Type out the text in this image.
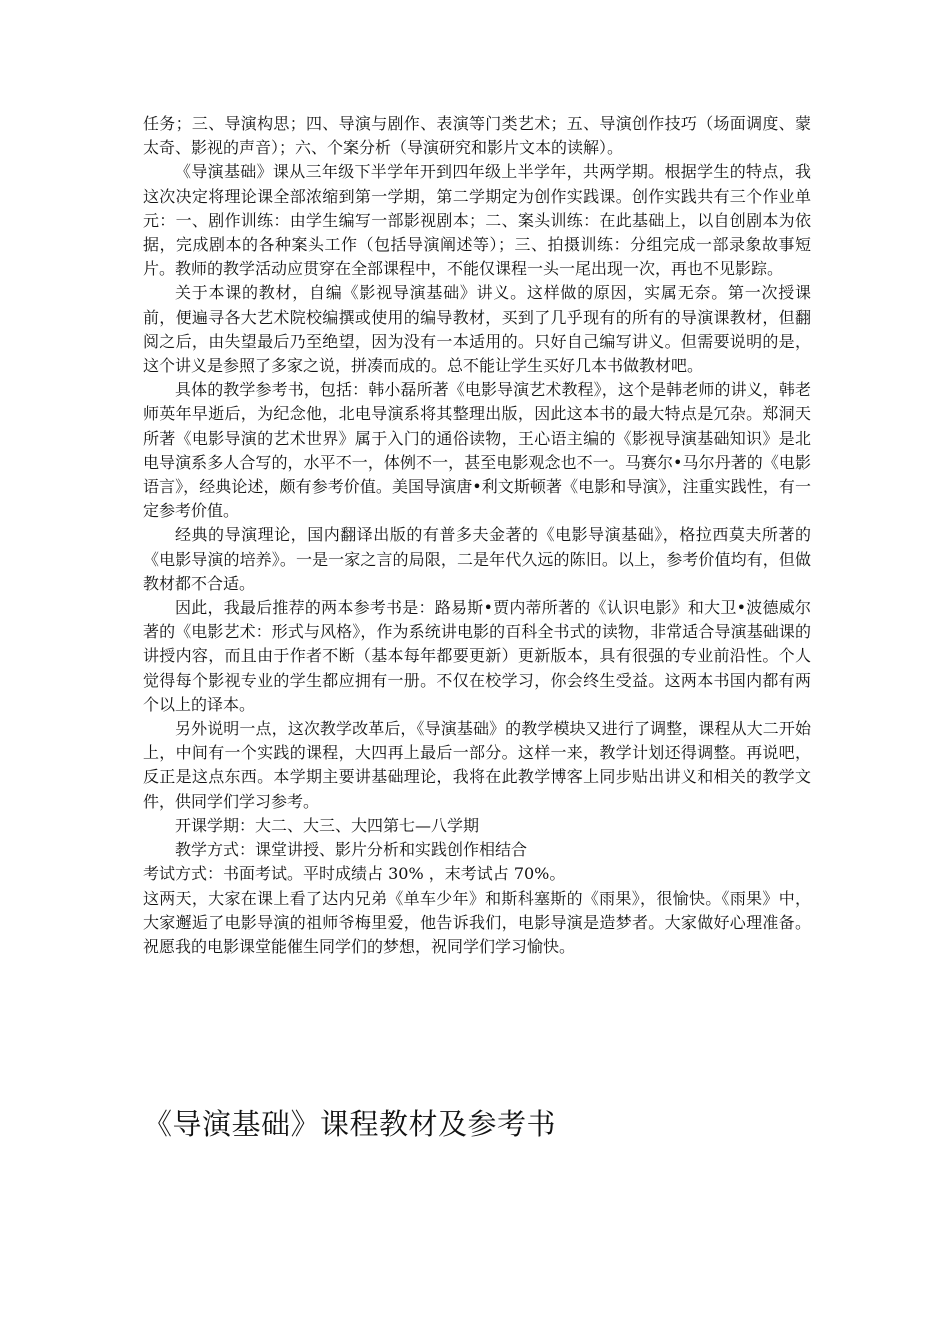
任务；三、导演构思；四、导演与剧作、表演等门类艺术；五、导演创作技巧（场面调度、蒙太奇、影视的声音）；六、个案分析（导演研究和影片文本的读解）。

《导演基础》课从三年级下半学年开到四年级上半学年，共两学期。根据学生的特点，我这次决定将理论课全部浓缩到第一学期，第二学期定为创作实践课。创作实践共有三个作业单元：一、剧作训练：由学生编写一部影视剧本；二、案头训练：在此基础上，以自创剧本为依据，完成剧本的各种案头工作（包括导演阐述等）；三、拍摄训练：分组完成一部录象故事短片。教师的教学活动应贯穿在全部课程中，不能仅课程一头一尾出现一次，再也不见影踪。

关于本课的教材，自编《影视导演基础》讲义。这样做的原因，实属无奈。第一次授课前，便遍寻各大艺术院校编撰或使用的编导教材，买到了几乎现有的所有的导演课教材，但翻阅之后，由失望最后乃至绝望，因为没有一本适用的。只好自己编写讲义。但需要说明的是，这个讲义是参照了多家之说，拼凑而成的。总不能让学生买好几本书做教材吧。

具体的教学参考书，包括：韩小磊所著《电影导演艺术教程》，这个是韩老师的讲义，韩老师英年早逝后，为纪念他，北电导演系将其整理出版，因此这本书的最大特点是冗杂。郑洞天所著《电影导演的艺术世界》属于入门的通俗读物，王心语主编的《影视导演基础知识》是北电导演系多人合写的，水平不一，体例不一，甚至电影观念也不一。马赛尔•马尔丹著的《电影语言》，经典论述，颇有参考价值。美国导演唐•利文斯顿著《电影和导演》，注重实践性，有一定参考价值。

经典的导演理论，国内翻译出版的有普多夫金著的《电影导演基础》，格拉西莫夫所著的《电影导演的培养》。一是一家之言的局限，二是年代久远的陈旧。以上，参考价值均有，但做教材都不合适。

因此，我最后推荐的两本参考书是：路易斯•贾内蒂所著的《认识电影》和大卫•波德威尔著的《电影艺术：形式与风格》，作为系统讲电影的百科全书式的读物，非常适合导演基础课的讲授内容，而且由于作者不断（基本每年都要更新）更新版本，具有很强的专业前沿性。个人觉得每个影视专业的学生都应拥有一册。不仅在校学习，你会终生受益。这两本书国内都有两个以上的译本。

另外说明一点，这次教学改革后，《导演基础》的教学模块又进行了调整，课程从大二开始上，中间有一个实践的课程，大四再上最后一部分。这样一来，教学计划还得调整。再说吧，反正是这点东西。本学期主要讲基础理论，我将在此教学博客上同步贴出讲义和相关的教学文件，供同学们学习参考。

开课学期：大二、大三、大四第七—八学期

教学方式：课堂讲授、影片分析和实践创作相结合

考试方式：书面考试。平时成绩占 30% ，末考试占 70%。

这两天，大家在课上看了达内兄弟《单车少年》和斯科塞斯的《雨果》，很愉快。《雨果》中，大家邂逅了电影导演的祖师爷梅里爱，他告诉我们，电影导演是造梦者。大家做好心理准备。祝愿我的电影课堂能催生同学们的梦想，祝同学们学习愉快。

《导演基础》课程教材及参考书
